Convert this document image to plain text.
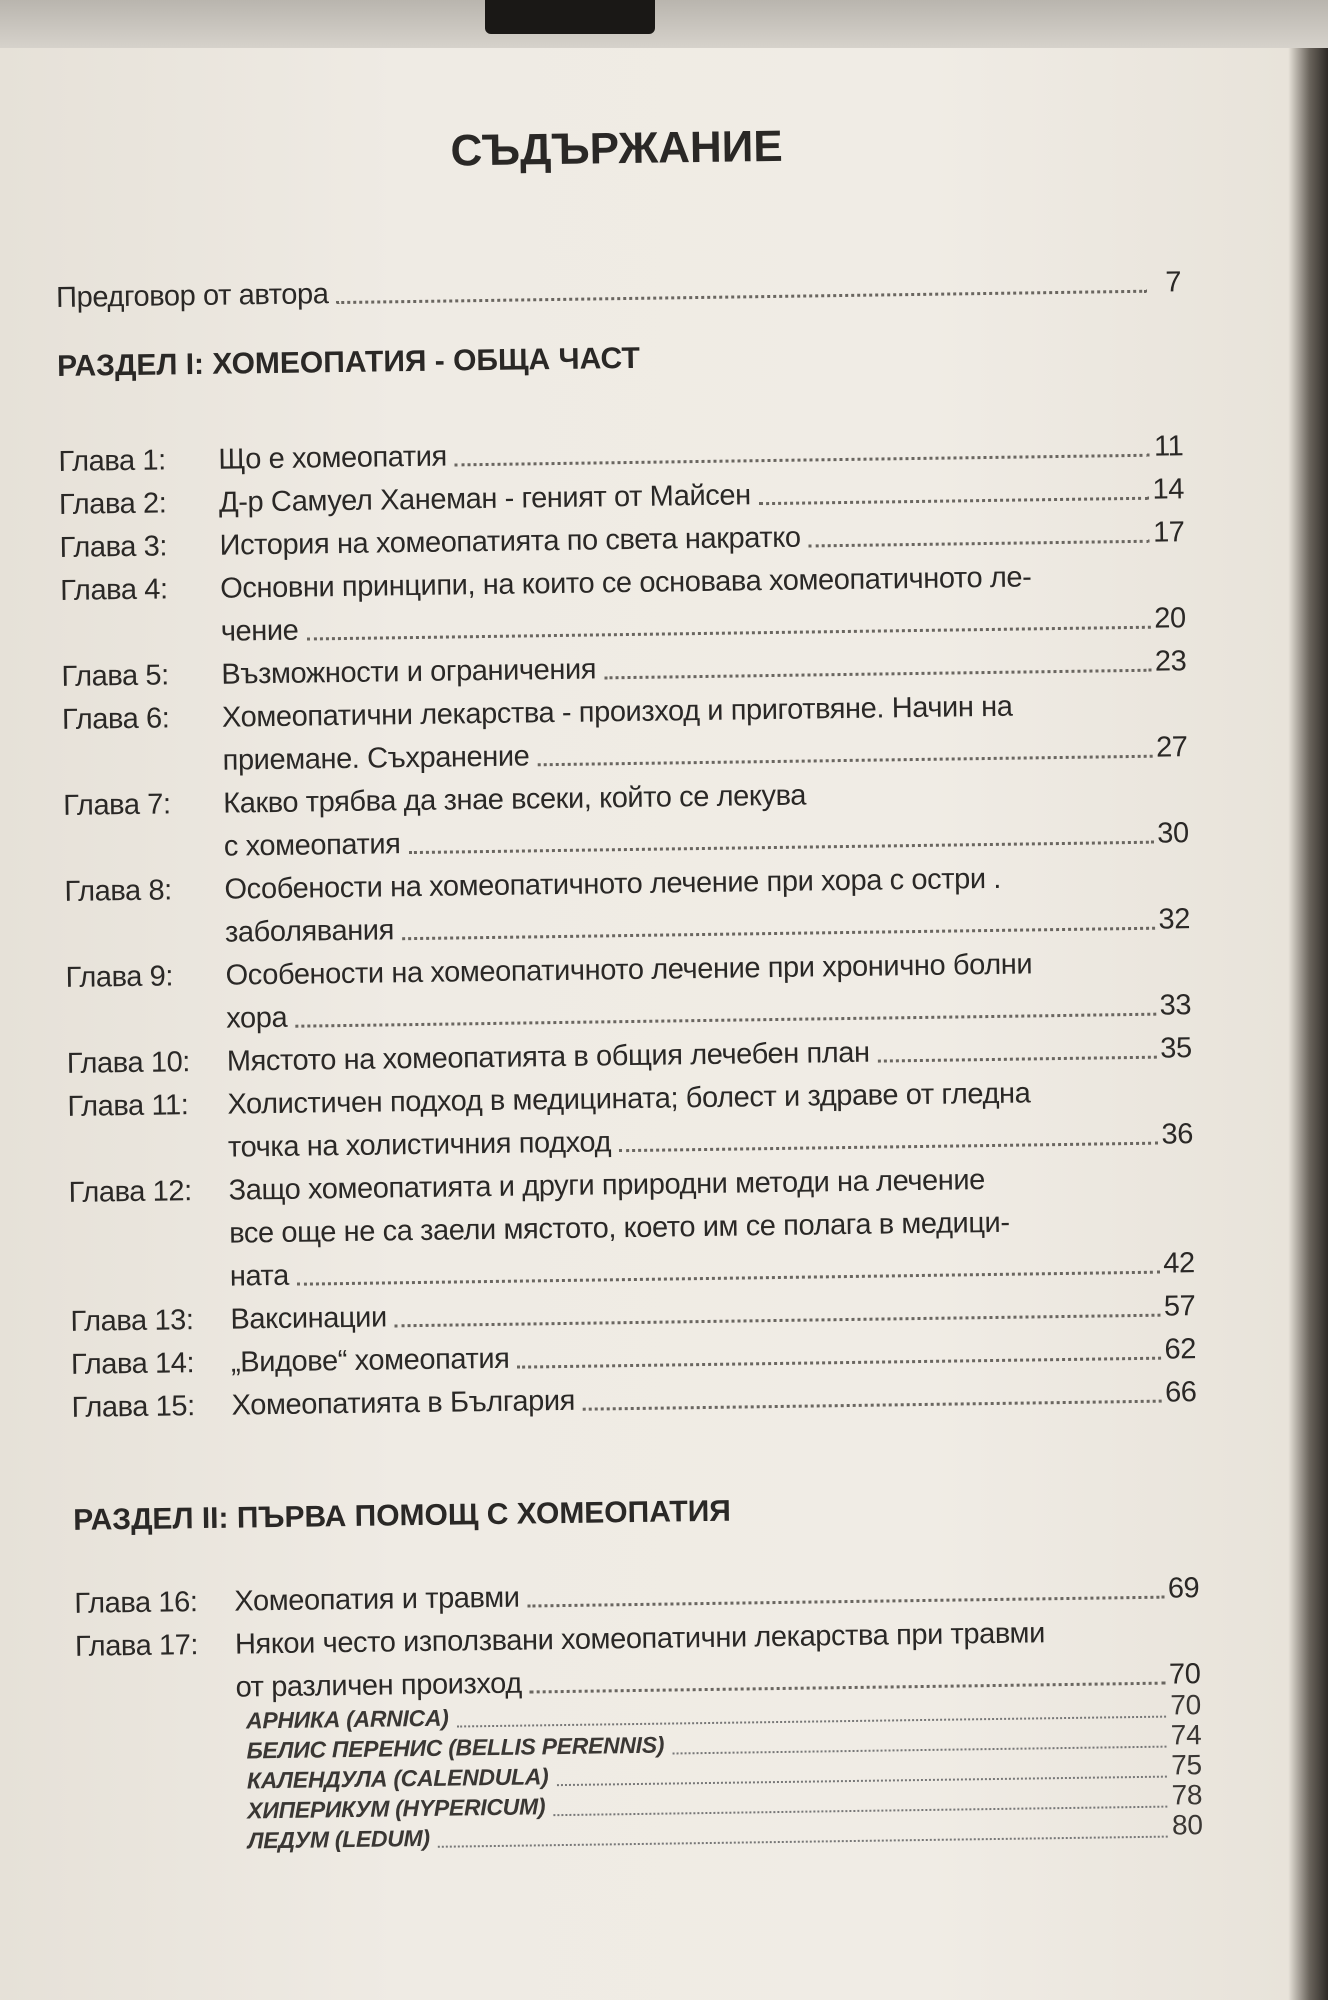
СЪДЪРЖАНИЕ
Предговор от автора	7
РАЗДЕЛ I: ХОМЕОПАТИЯ - ОБЩА ЧАСТ
Глава 1:	Що е хомеопатия	11
Глава 2:	Д-р Самуел Ханеман - геният от Майсен	14
Глава 3:	История на хомеопатията по света накратко	17
Глава 4:	Основни принципи, на които се основава хомеопатичното ле-
чение	20
Глава 5:	Възможности и ограничения	23
Глава 6:	Хомеопатични лекарства - произход и приготвяне. Начин на
приемане. Съхранение	27
Глава 7:	Какво трябва да знае всеки, който се лекува
с хомеопатия	30
Глава 8:	Особености на хомеопатичното лечение при хора с остри .
заболявания	32
Глава 9:	Особености на хомеопатичното лечение при хронично болни
хора	33
Глава 10:	Мястото на хомеопатията в общия лечебен план	35
Глава 11:	Холистичен подход в медицината; болест и здраве от гледна
точка на холистичния подход	36
Глава 12:	Защо хомеопатията и други природни методи на лечение
все още не са заели мястото, което им се полага в медици-
ната	42
Глава 13:	Ваксинации	57
Глава 14:	„Видове“ хомеопатия	62
Глава 15:	Хомеопатията в България	66
РАЗДЕЛ II: ПЪРВА ПОМОЩ С ХОМЕОПАТИЯ
Глава 16:	Хомеопатия и травми	69
Глава 17:	Някои често използвани хомеопатични лекарства при травми
от различен произход	70
АРНИКА (ARNICA)	70
БЕЛИС ПЕРЕНИС (BELLIS PERENNIS)	74
КАЛЕНДУЛА (CALENDULA)	75
ХИПЕРИКУМ (HYPERICUM)	78
ЛЕДУМ (LEDUM)	80
